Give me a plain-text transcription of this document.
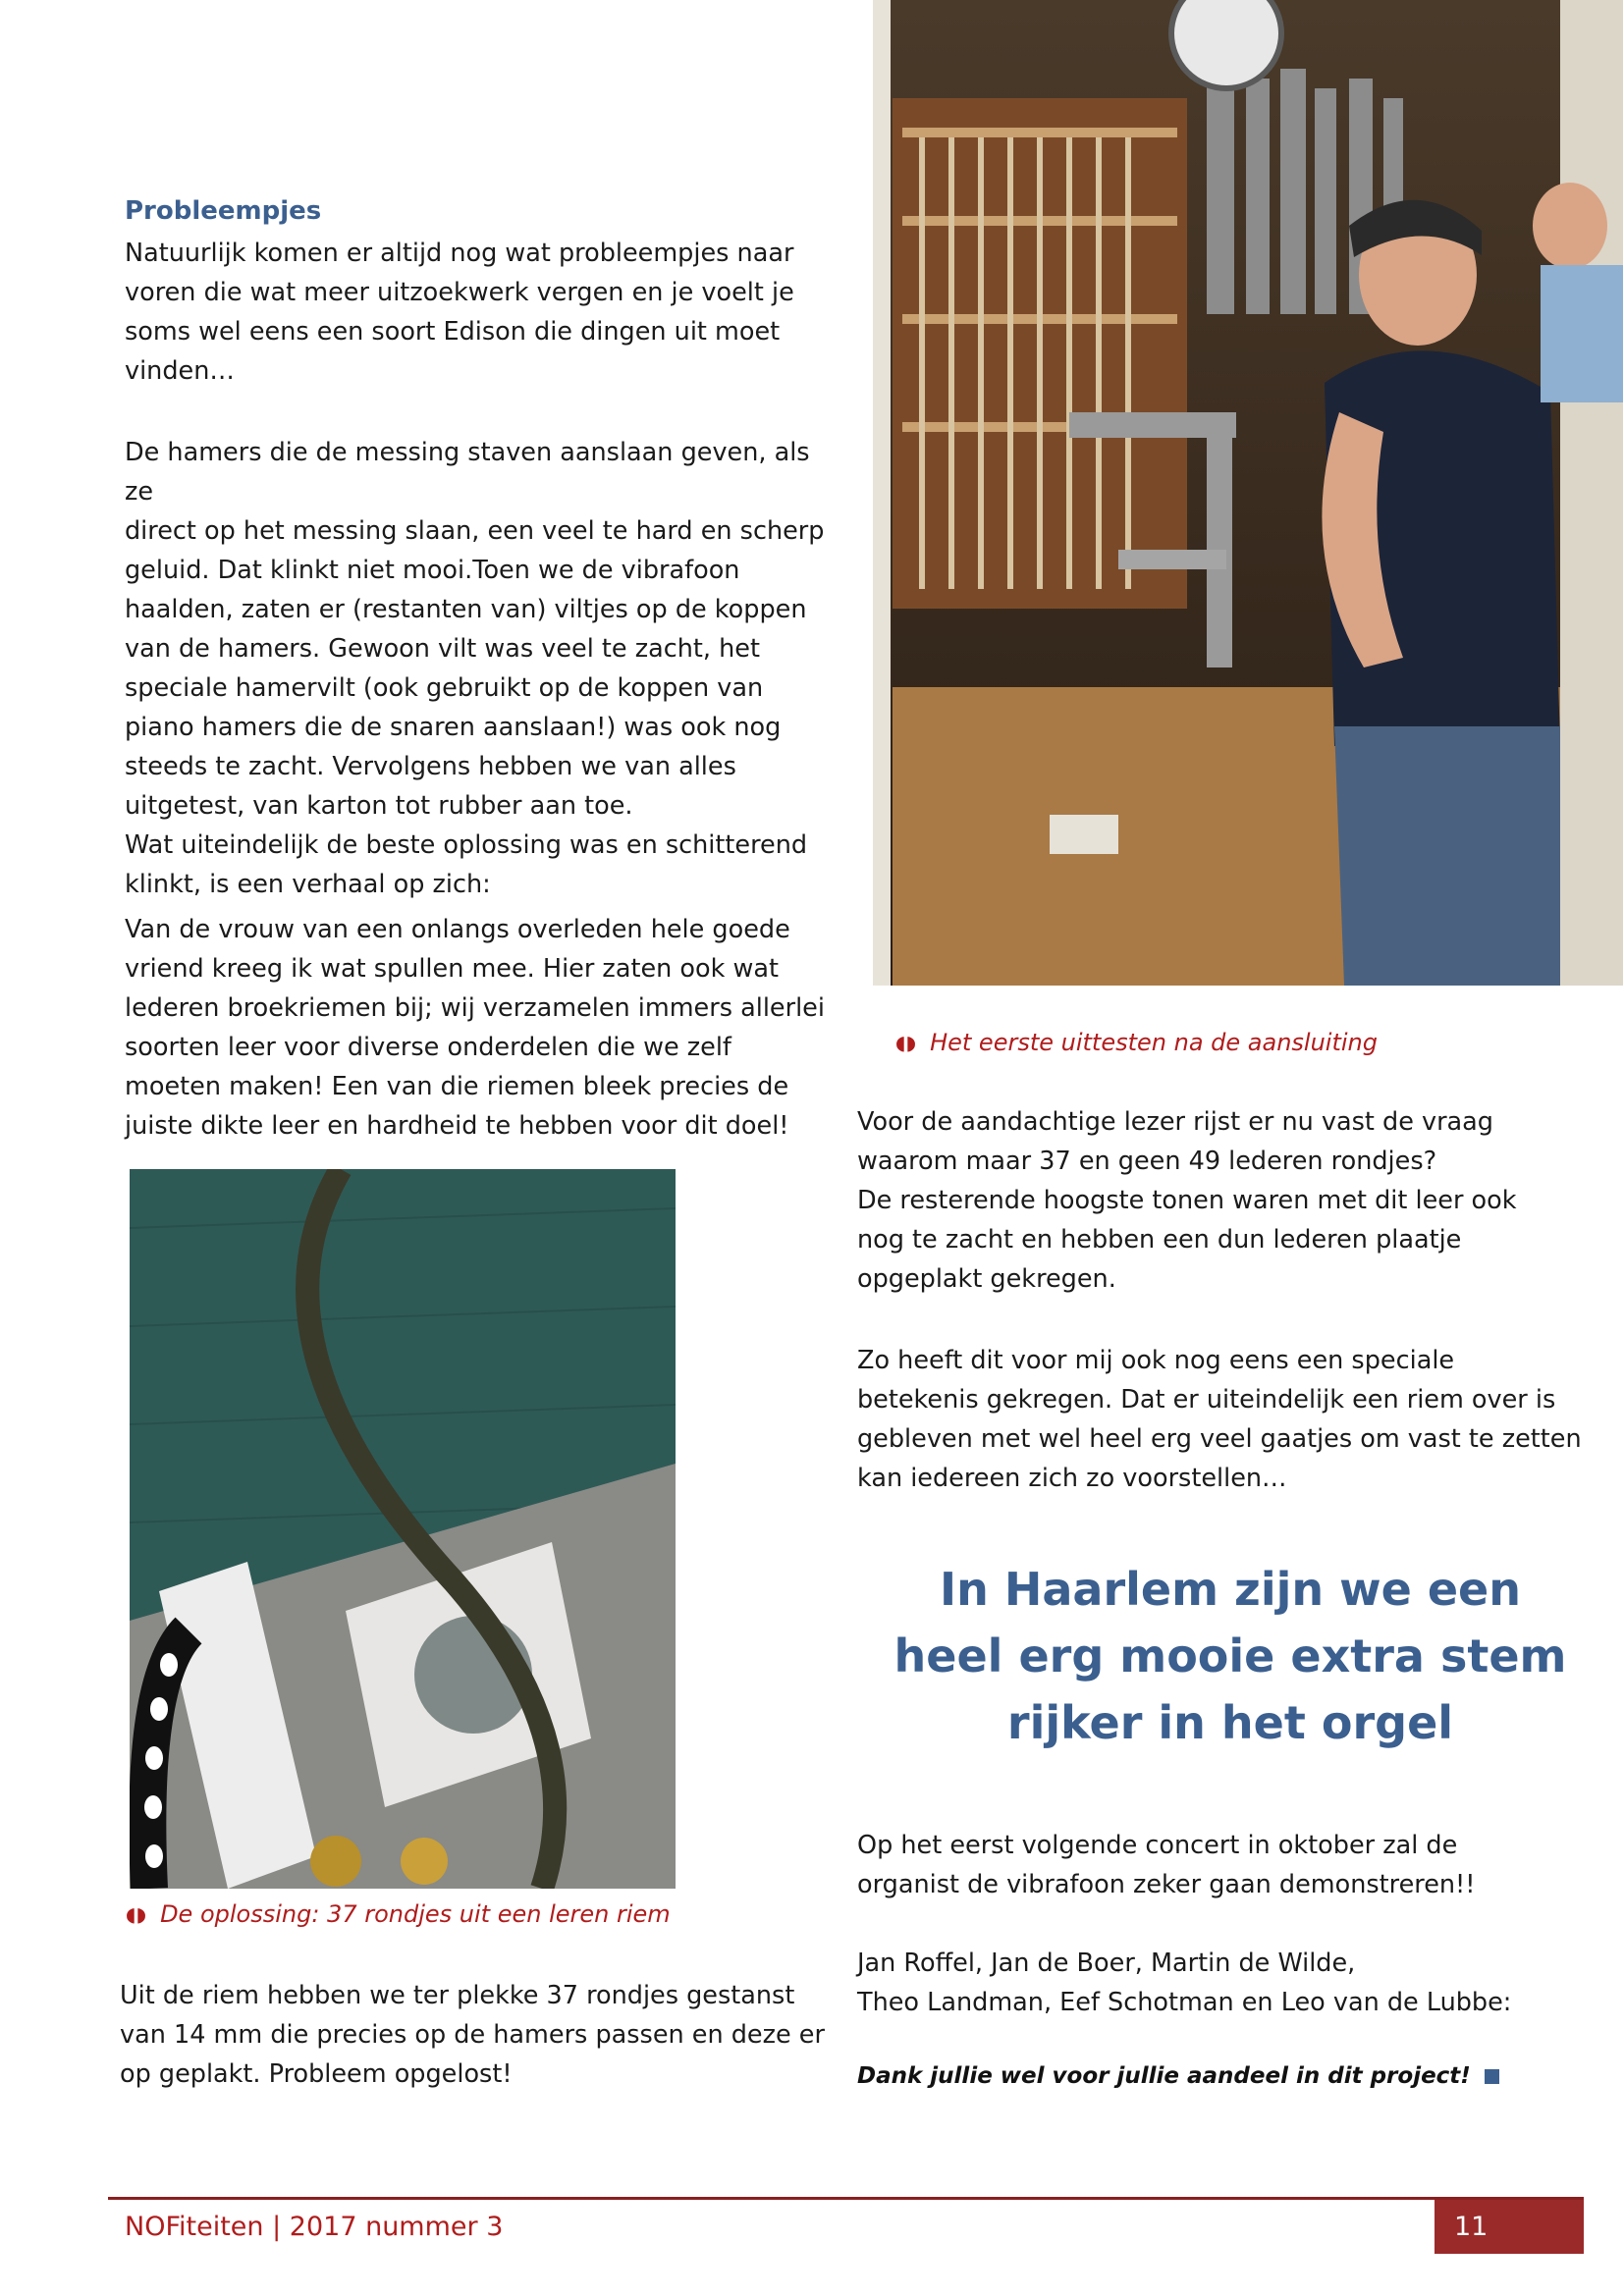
Probleempjes
Natuurlijk komen er altijd nog wat probleempjes naar
voren die wat meer uitzoekwerk vergen en je voelt je
soms wel eens een soort Edison die dingen uit moet
vinden…
De hamers die de messing staven aanslaan geven, als ze
direct op het messing slaan, een veel te hard en scherp
geluid. Dat klinkt niet mooi.Toen we de vibrafoon
haalden, zaten er (restanten van) viltjes op de koppen
van de hamers. Gewoon vilt was veel te zacht, het
speciale hamervilt (ook gebruikt op de koppen van
piano hamers die de snaren aanslaan!) was ook nog
steeds te zacht. Vervolgens hebben we van alles
uitgetest, van karton tot rubber aan toe.
Wat uiteindelijk de beste oplossing was en schitterend
klinkt, is een verhaal op zich:
Van de vrouw van een onlangs overleden hele goede
vriend kreeg ik wat spullen mee. Hier zaten ook wat
lederen broekriemen bij; wij verzamelen immers allerlei
soorten leer voor diverse onderdelen die we zelf
moeten maken! Een van die riemen bleek precies de
juiste dikte leer en hardheid te hebben voor dit doel!
◖◗ De oplossing: 37 rondjes uit een leren riem
Uit de riem hebben we ter plekke 37 rondjes gestanst
van 14 mm die precies op de hamers passen en deze er
op geplakt. Probleem opgelost!
◖◗ Het eerste uittesten na de aansluiting
Voor de aandachtige lezer rijst er nu vast de vraag
waarom maar 37 en geen 49 lederen rondjes?
De resterende hoogste tonen waren met dit leer ook
nog te zacht en hebben een dun lederen plaatje
opgeplakt gekregen.
Zo heeft dit voor mij ook nog eens een speciale
betekenis gekregen. Dat er uiteindelijk een riem over is
gebleven met wel heel erg veel gaatjes om vast te zetten
kan iedereen zich zo voorstellen…
In Haarlem zijn we een
heel erg mooie extra stem
rijker in het orgel
Op het eerst volgende concert in oktober zal de
organist de vibrafoon zeker gaan demonstreren!!
Jan Roffel, Jan de Boer, Martin de Wilde,
Theo Landman, Eef Schotman en Leo van de Lubbe:
Dank jullie wel voor jullie aandeel in dit project!
NOFiteiten | 2017 nummer 3	11
